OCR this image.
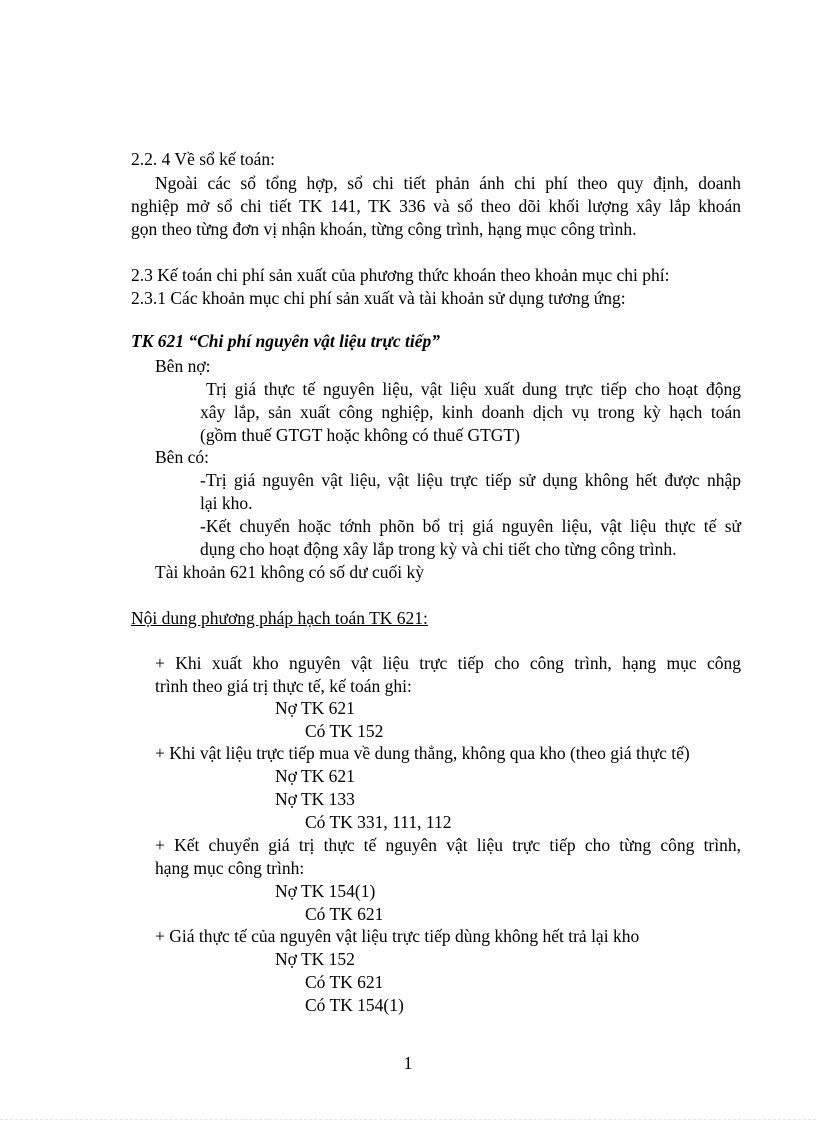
2.2. 4 Về sổ kế toán:
Ngoài các sổ tổng hợp, sổ chi tiết phản ánh chi phí theo quy định, doanh
nghiệp mở sổ chi tiết TK 141, TK 336 và sổ theo dõi khối lượng xây lắp khoán
gọn theo từng đơn vị nhận khoán, từng công trình, hạng mục công trình.
2.3 Kế toán chi phí sản xuất của phương thức khoán theo khoản mục chi phí:
2.3.1 Các khoản mục chi phí sản xuất và tài khoản sử dụng tương ứng:
TK 621 “Chi phí nguyên vật liệu trực tiếp”
Bên nợ:
Trị giá thực tế nguyên liệu, vật liệu xuất dung trực tiếp cho hoạt động
xây lắp, sản xuất công nghiệp, kinh doanh dịch vụ trong kỳ hạch toán
(gồm thuế GTGT hoặc không có thuế GTGT)
Bên có:
-Trị giá nguyên vật liệu, vật liệu trực tiếp sử dụng không hết được nhập
lại kho.
-Kết chuyển hoặc tớnh phõn bổ trị giá nguyên liệu, vật liệu thực tế sử
dụng cho hoạt động xây lắp trong kỳ và chi tiết cho từng công trình.
Tài khoản 621 không có số dư cuối kỳ
Nội dung phương pháp hạch toán TK 621:
+ Khi xuất kho nguyên vật liệu trực tiếp cho công trình, hạng mục công
trình theo giá trị thực tế, kế toán ghi:
Nợ TK 621
Có TK 152
+ Khi vật liệu trực tiếp mua về dung thẳng, không qua kho (theo giá thực tế)
Nợ TK 621
Nợ TK 133
Có TK 331, 111, 112
+ Kết chuyển giá trị thực tế nguyên vật liệu trực tiếp cho từng công trình,
hạng mục công trình:
Nợ TK 154(1)
Có TK 621
+ Giá thực tế của nguyên vật liệu trực tiếp dùng không hết trả lại kho
Nợ TK 152
Có TK 621
Có TK 154(1)
1
